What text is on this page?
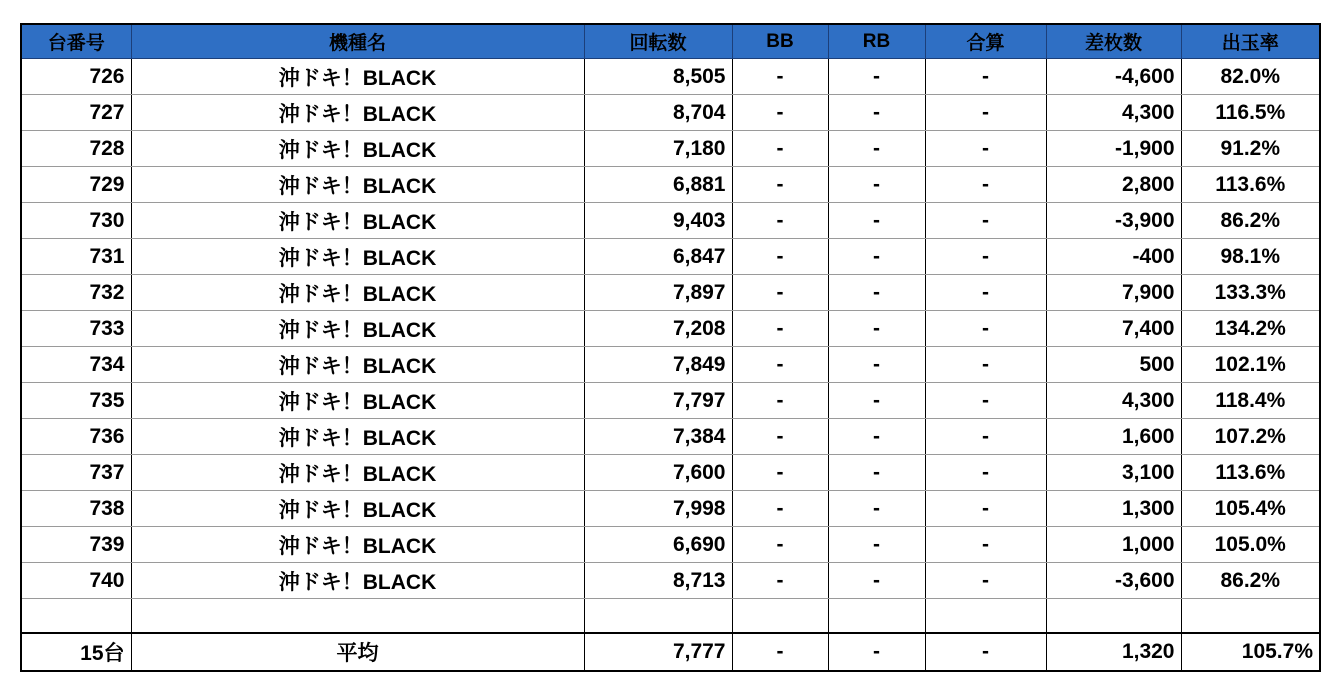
台番号	機種名	回転数	BB	RB	合算	差枚数	出玉率
726	沖ドキ！BLACK	8,505	-	-	-	-4,600	82.0%
727	沖ドキ！BLACK	8,704	-	-	-	4,300	116.5%
728	沖ドキ！BLACK	7,180	-	-	-	-1,900	91.2%
729	沖ドキ！BLACK	6,881	-	-	-	2,800	113.6%
730	沖ドキ！BLACK	9,403	-	-	-	-3,900	86.2%
731	沖ドキ！BLACK	6,847	-	-	-	-400	98.1%
732	沖ドキ！BLACK	7,897	-	-	-	7,900	133.3%
733	沖ドキ！BLACK	7,208	-	-	-	7,400	134.2%
734	沖ドキ！BLACK	7,849	-	-	-	500	102.1%
735	沖ドキ！BLACK	7,797	-	-	-	4,300	118.4%
736	沖ドキ！BLACK	7,384	-	-	-	1,600	107.2%
737	沖ドキ！BLACK	7,600	-	-	-	3,100	113.6%
738	沖ドキ！BLACK	7,998	-	-	-	1,300	105.4%
739	沖ドキ！BLACK	6,690	-	-	-	1,000	105.0%
740	沖ドキ！BLACK	8,713	-	-	-	-3,600	86.2%

15台	平均	7,777	-	-	-	1,320	105.7%
